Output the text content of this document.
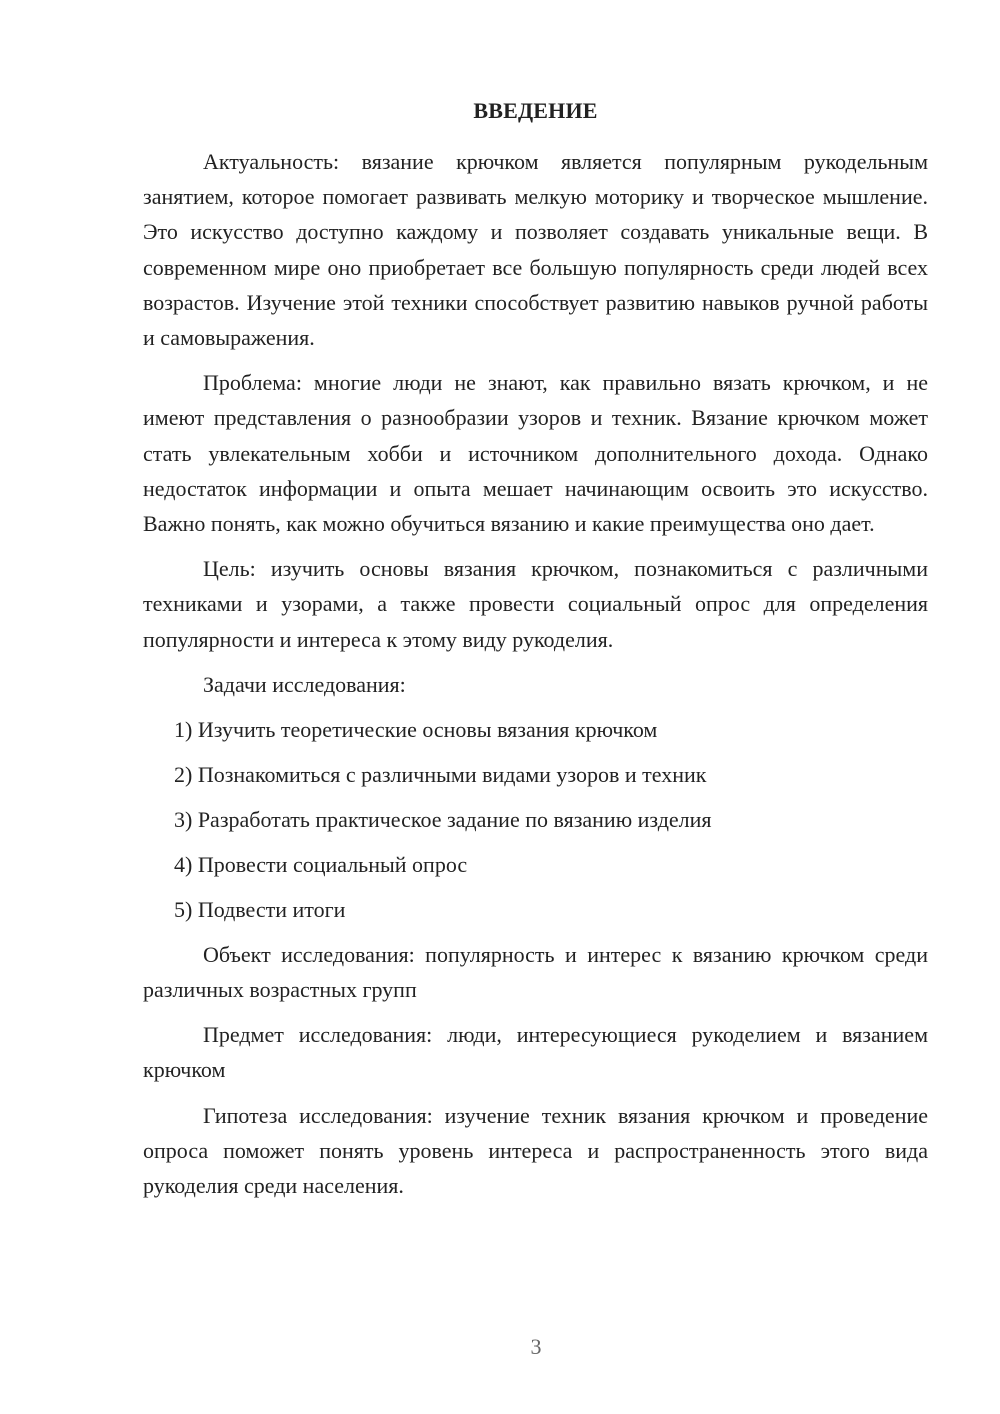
ВВЕДЕНИЕ

Актуальность: вязание крючком является популярным рукодельным занятием, которое помогает развивать мелкую моторику и творческое мышление. Это искусство доступно каждому и позволяет создавать уникальные вещи. В современном мире оно приобретает все большую популярность среди людей всех возрастов. Изучение этой техники способствует развитию навыков ручной работы и самовыражения.

Проблема: многие люди не знают, как правильно вязать крючком, и не имеют представления о разнообразии узоров и техник. Вязание крючком может стать увлекательным хобби и источником дополнительного дохода. Однако недостаток информации и опыта мешает начинающим освоить это искусство. Важно понять, как можно обучиться вязанию и какие преимущества оно дает.

Цель: изучить основы вязания крючком, познакомиться с различными техниками и узорами, а также провести социальный опрос для определения популярности и интереса к этому виду рукоделия.

Задачи исследования:

1) Изучить теоретические основы вязания крючком
2) Познакомиться с различными видами узоров и техник
3) Разработать практическое задание по вязанию изделия
4) Провести социальный опрос
5) Подвести итоги

Объект исследования: популярность и интерес к вязанию крючком среди различных возрастных групп

Предмет исследования: люди, интересующиеся рукоделием и вязанием крючком

Гипотеза исследования: изучение техник вязания крючком и проведение опроса поможет понять уровень интереса и распространенность этого вида рукоделия среди населения.

3
